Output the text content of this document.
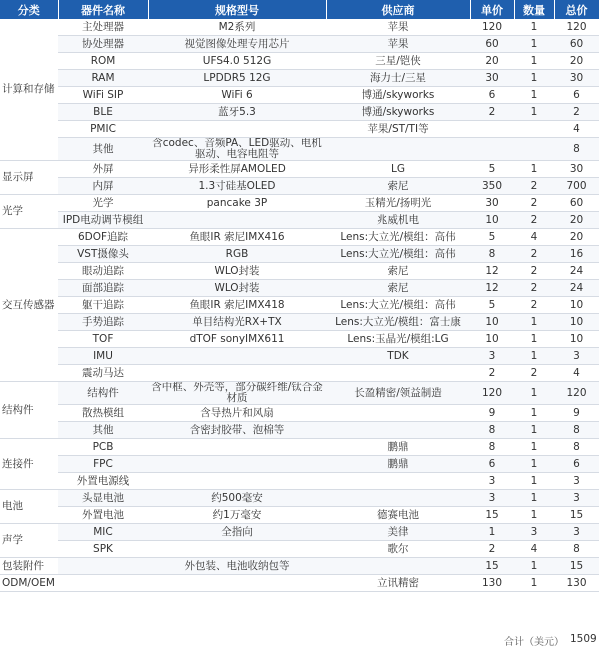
分类	器件名称	规格型号	供应商	单价	数量	总价
计算和存储	主处理器	M2系列	苹果	120	1	120
	协处理器	视觉图像处理专用芯片	苹果	60	1	60
	ROM	UFS4.0 512G	三星/铠侠	20	1	20
	RAM	LPDDR5 12G	海力士/三星	30	1	30
	WiFi SIP	WiFi 6	博通/skyworks	6	1	6
	BLE	蓝牙5.3	博通/skyworks	2	1	2
	PMIC		苹果/ST/TI等			4
	其他	含codec、音频PA、LED驱动、电机驱动、电容电阻等				8
显示屏	外屏	异形柔性屏AMOLED	LG	5	1	30
	内屏	1.3寸硅基OLED	索尼	350	2	700
光学	光学	pancake 3P	玉精光/扬明光	30	2	60
	IPD电动调节模组		兆威机电	10	2	20
交互传感器	6DOF追踪	鱼眼IR 索尼IMX416	Lens:大立光/模组：高伟	5	4	20
	VST摄像头	RGB	Lens:大立光/模组：高伟	8	2	16
	眼动追踪	WLO封装	索尼	12	2	24
	面部追踪	WLO封装	索尼	12	2	24
	躯干追踪	鱼眼IR 索尼IMX418	Lens:大立光/模组：高伟	5	2	10
	手势追踪	单目结构光RX+TX	Lens:大立光/模组：富士康	10	1	10
	TOF	dTOF sonyIMX611	Lens:玉晶光/模组:LG	10	1	10
	IMU		TDK	3	1	3
	震动马达			2	2	4
结构件	结构件	含中框、外壳等，部分碳纤维/钛合金材质	长盈精密/领益制造	120	1	120
	散热模组	含导热片和风扇		9	1	9
	其他	含密封胶带、泡棉等		8	1	8
连接件	PCB		鹏鼎	8	1	8
	FPC		鹏鼎	6	1	6
	外置电源线			3	1	3
电池	头显电池	约500毫安		3	1	3
	外置电池	约1万毫安	德赛电池	15	1	15
声学	MIC	全指向	美律	1	3	3
	SPK		歌尔	2	4	8
包装附件		外包装、电池收纳包等		15	1	15
ODM/OEM			立讯精密	130	1	130
合计（美元） 1509
